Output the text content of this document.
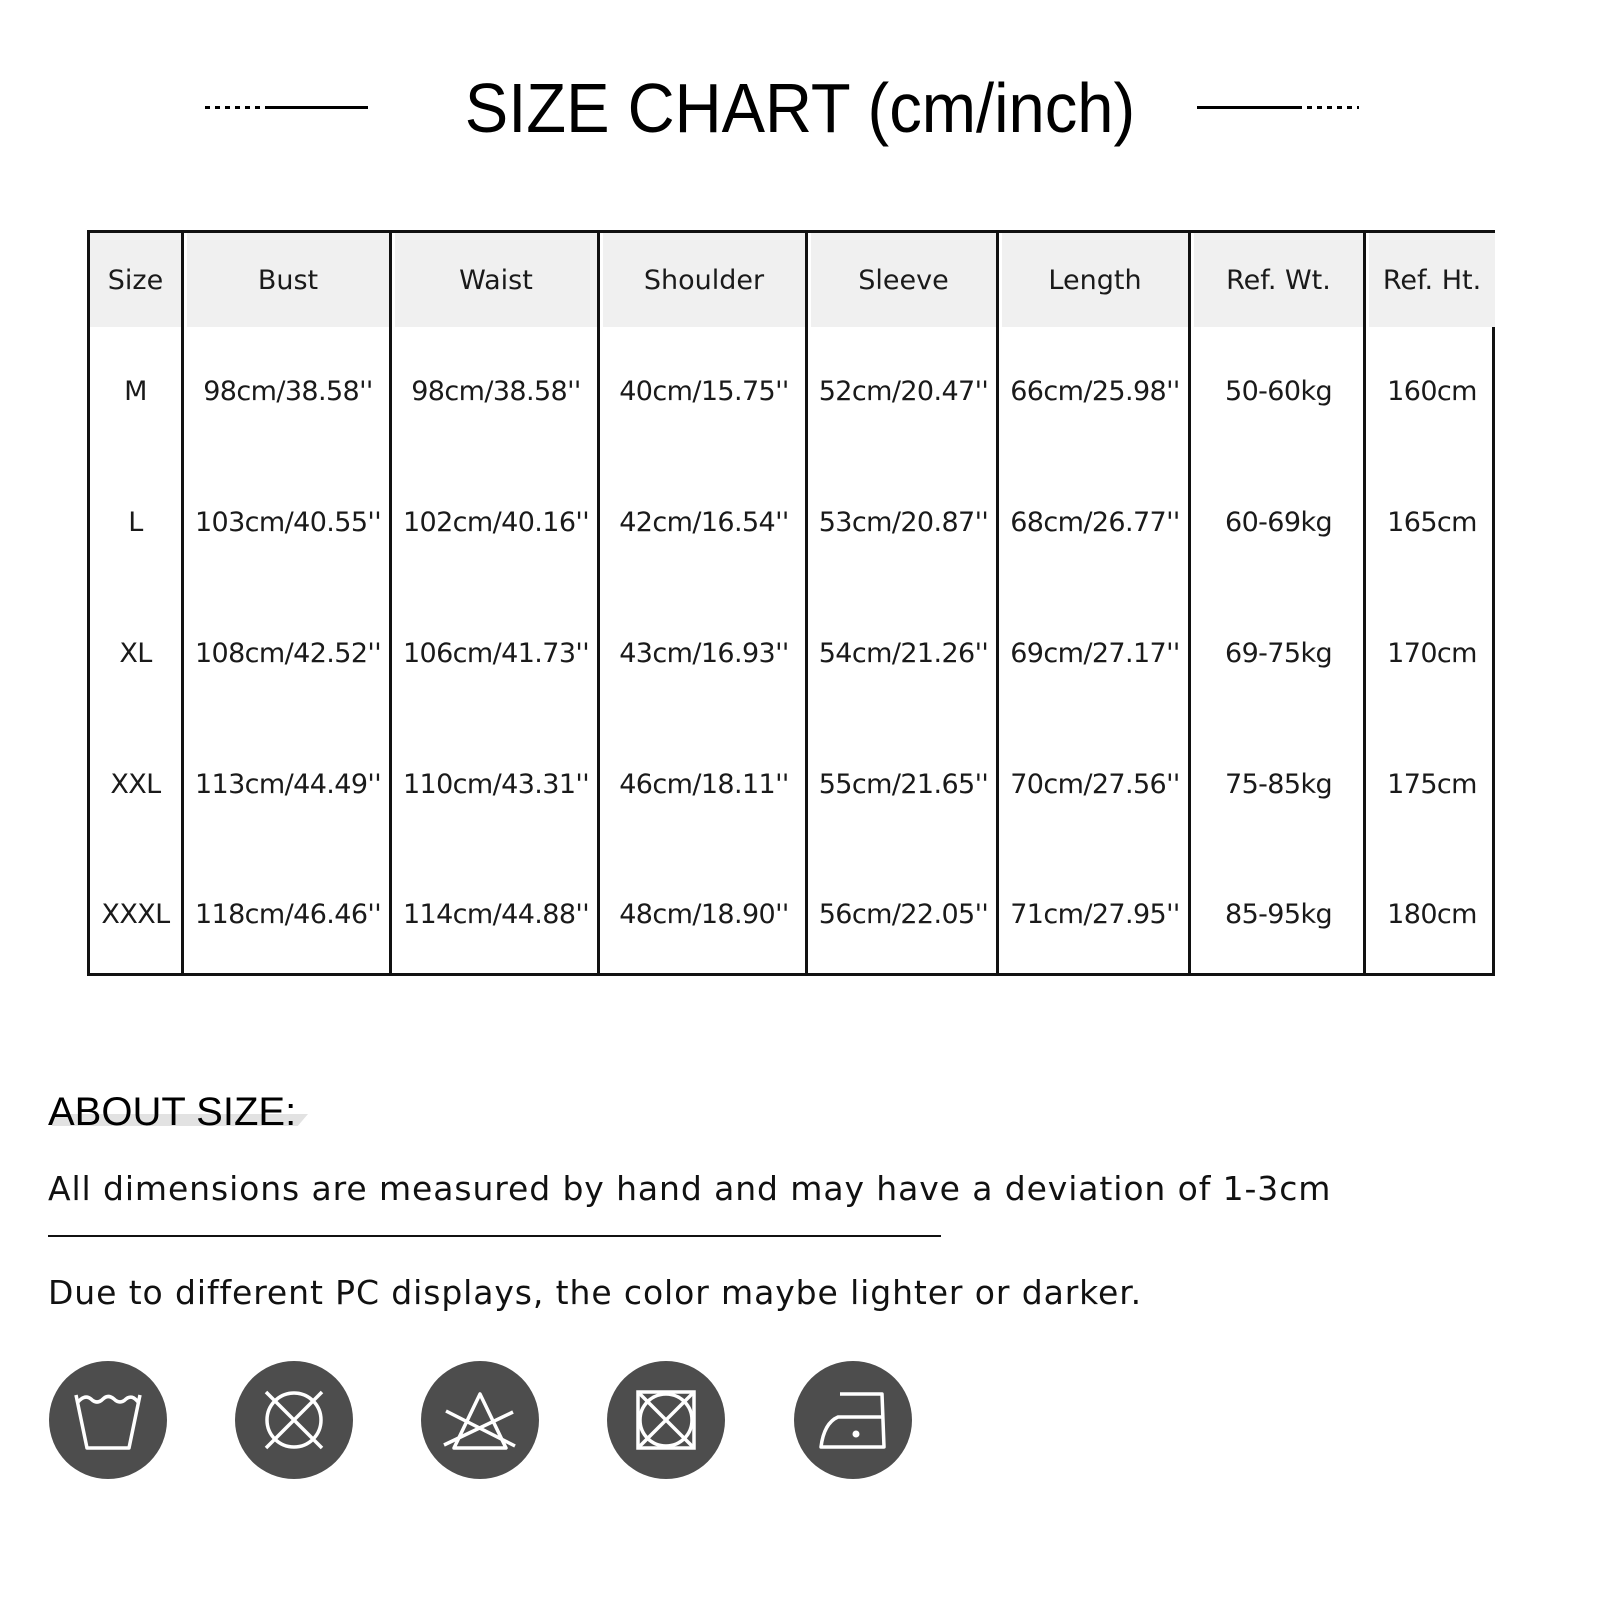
SIZE CHART (cm/inch)
Size
M
L
XL
XXL
XXXL
Bust
98cm/38.58''
103cm/40.55''
108cm/42.52''
113cm/44.49''
118cm/46.46''
Waist
98cm/38.58''
102cm/40.16''
106cm/41.73''
110cm/43.31''
114cm/44.88''
Shoulder
40cm/15.75''
42cm/16.54''
43cm/16.93''
46cm/18.11''
48cm/18.90''
Sleeve
52cm/20.47''
53cm/20.87''
54cm/21.26''
55cm/21.65''
56cm/22.05''
Length
66cm/25.98''
68cm/26.77''
69cm/27.17''
70cm/27.56''
71cm/27.95''
Ref. Wt.
50-60kg
60-69kg
69-75kg
75-85kg
85-95kg
Ref. Ht.
160cm
165cm
170cm
175cm
180cm
ABOUT SIZE:
All dimensions are measured by hand and may have a deviation of 1-3cm
Due to different PC displays, the color maybe lighter or darker.
